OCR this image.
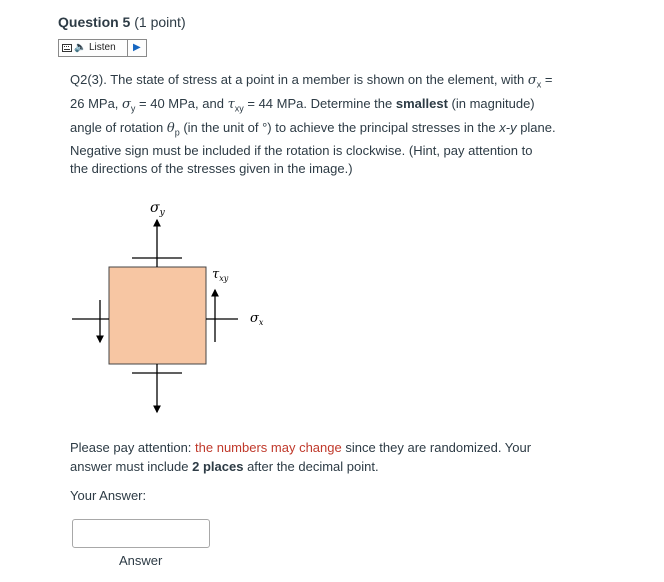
Question 5 (1 point)
🔈 Listen ▶
Q2(3). The state of stress at a point in a member is shown on the element, with $\sigma_x$ =
26 MPa, $\sigma_y = 40$ MPa, and $\tau_{xy} = 44$ MPa. Determine the smallest (in magnitude)
angle of rotation $\theta_p$ (in the unit of °) to achieve the principal stresses in the x-y plane.
Negative sign must be included if the rotation is clockwise. (Hint, pay attention to
the directions of the stresses given in the image.)
$\sigma_y$
$\tau_{xy}$
$\sigma_x$
Please pay attention: the numbers may change since they are randomized. Your
answer must include 2 places after the decimal point.
Your Answer:
Answer
